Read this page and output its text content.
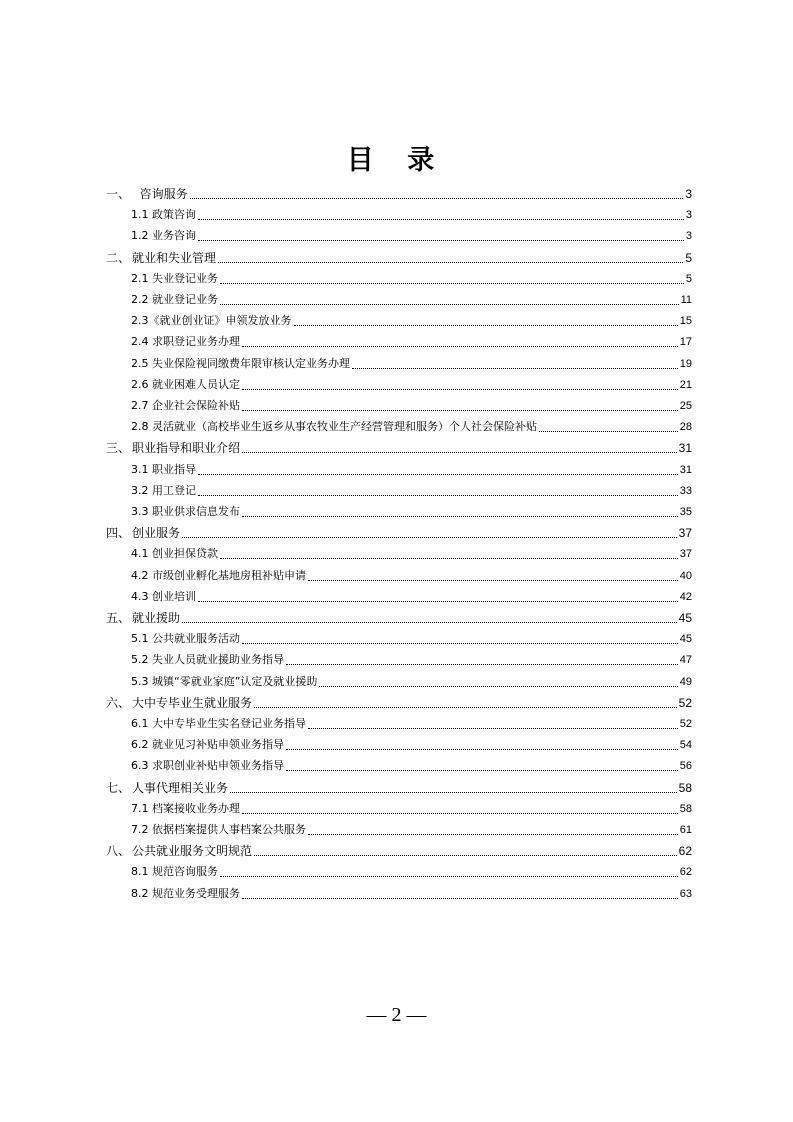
目 录
一、  咨询服务	3
1.1 政策咨询	3
1.2 业务咨询	3
二、 就业和失业管理	5
2.1 失业登记业务	5
2.2 就业登记业务	11
2.3《就业创业证》申领发放业务	15
2.4 求职登记业务办理	17
2.5 失业保险视同缴费年限审核认定业务办理	19
2.6 就业困难人员认定	21
2.7 企业社会保险补贴	25
2.8 灵活就业（高校毕业生返乡从事农牧业生产经营管理和服务）个人社会保险补贴	28
三、 职业指导和职业介绍	31
3.1 职业指导	31
3.2 用工登记	33
3.3 职业供求信息发布	35
四、 创业服务	37
4.1 创业担保贷款	37
4.2 市级创业孵化基地房租补贴申请	40
4.3 创业培训	42
五、 就业援助	45
5.1 公共就业服务活动	45
5.2 失业人员就业援助业务指导	47
5.3 城镇“零就业家庭”认定及就业援助	49
六、 大中专毕业生就业服务	52
6.1 大中专毕业生实名登记业务指导	52
6.2 就业见习补贴申领业务指导	54
6.3 求职创业补贴申领业务指导	56
七、 人事代理相关业务	58
7.1 档案接收业务办理	58
7.2 依据档案提供人事档案公共服务	61
八、 公共就业服务文明规范	62
8.1 规范咨询服务	62
8.2 规范业务受理服务	63
— 2 —
